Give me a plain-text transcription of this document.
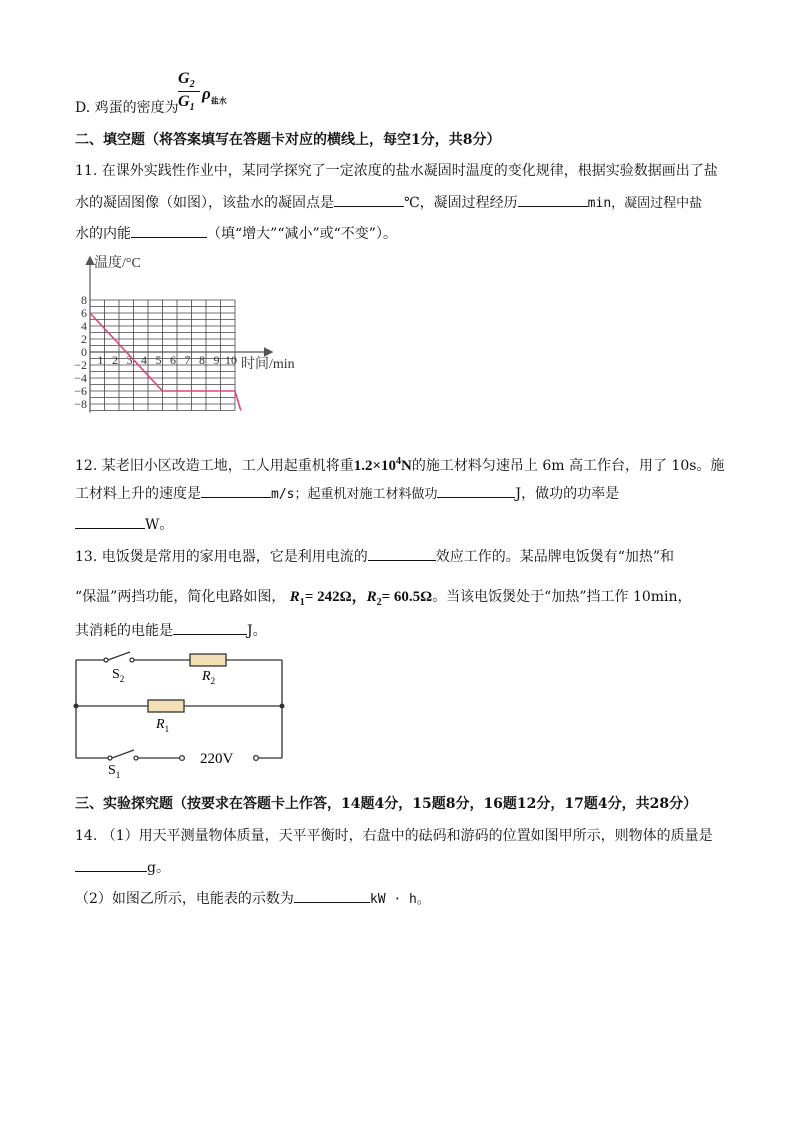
D. 鸡蛋的密度为
$G_2$
$G_1$
$\rho_{盐水}$
二、填空题（将答案填写在答题卡对应的横线上，每空1分，共8分）
11. 在课外实践性作业中，某同学探究了一定浓度的盐水凝固时温度的变化规律，根据实验数据画出了盐
水的凝固图像（如图），该盐水的凝固点是	℃，凝固过程经历	min，凝固过程中盐
水的内能	（填“增大”“减小”或“不变”）。
1 2 3 4 5 6 7 8 9 10
8
6
4
2
0
−2
−4
−6
−8
温度/°C
时间/min
12. 某老旧小区改造工地，工人用起重机将重$1.2\times 10^4N$的施工材料匀速吊上 6m 高工作台，用了 10s。施
工材料上升的速度是	m/s；起重机对施工材料做功	J，做功的功率是
W。
13. 电饭煲是常用的家用电器，它是利用电流的	效应工作的。某品牌电饭煲有“加热”和
“保温”两挡功能，简化电路如图， $R_1= 242\Omega$，$R_2= 60.5\Omega$。当该电饭煲处于“加热”挡工作 10min，
其消耗的电能是	J。
$S_2$	$R_2$
$R_1$
$S_1$
220V
三、实验探究题（按要求在答题卡上作答，14题4分，15题8分，16题12分，17题4分，共28分）
14. （1）用天平测量物体质量，天平平衡时，右盘中的砝码和游码的位置如图甲所示，则物体的质量是
g。
（2）如图乙所示，电能表的示数为	kW · h。
